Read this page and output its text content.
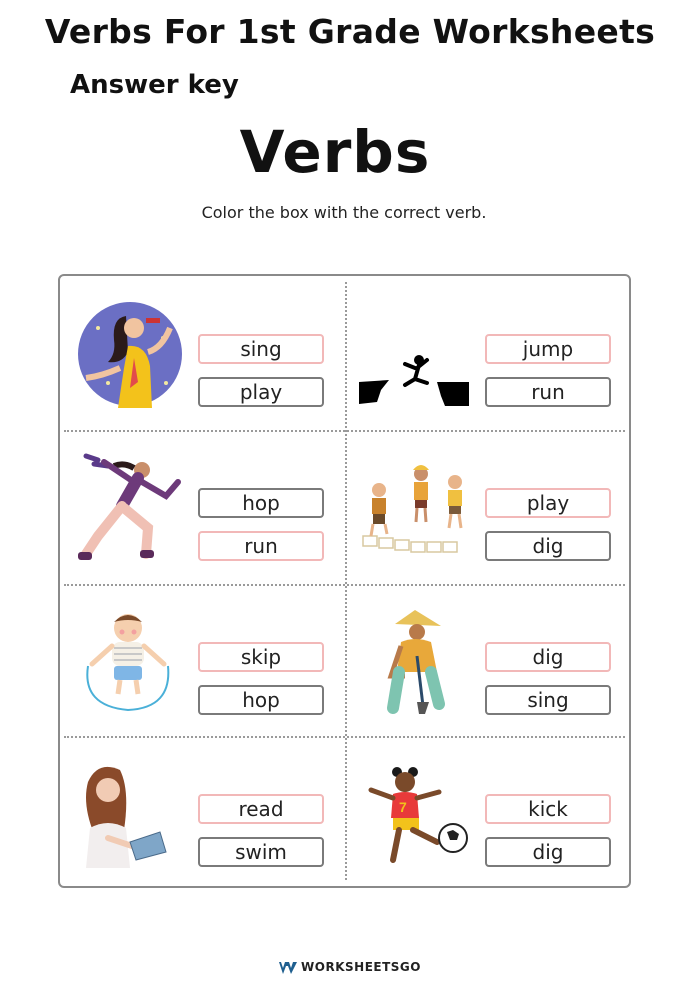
Verbs For 1st Grade Worksheets
Answer key
Verbs
Color the box with the correct verb.
sing
play
jump
run
hop
run
play
dig
skip
hop
dig
sing
read
swim
7	kick
dig
WORKSHEETSGO
